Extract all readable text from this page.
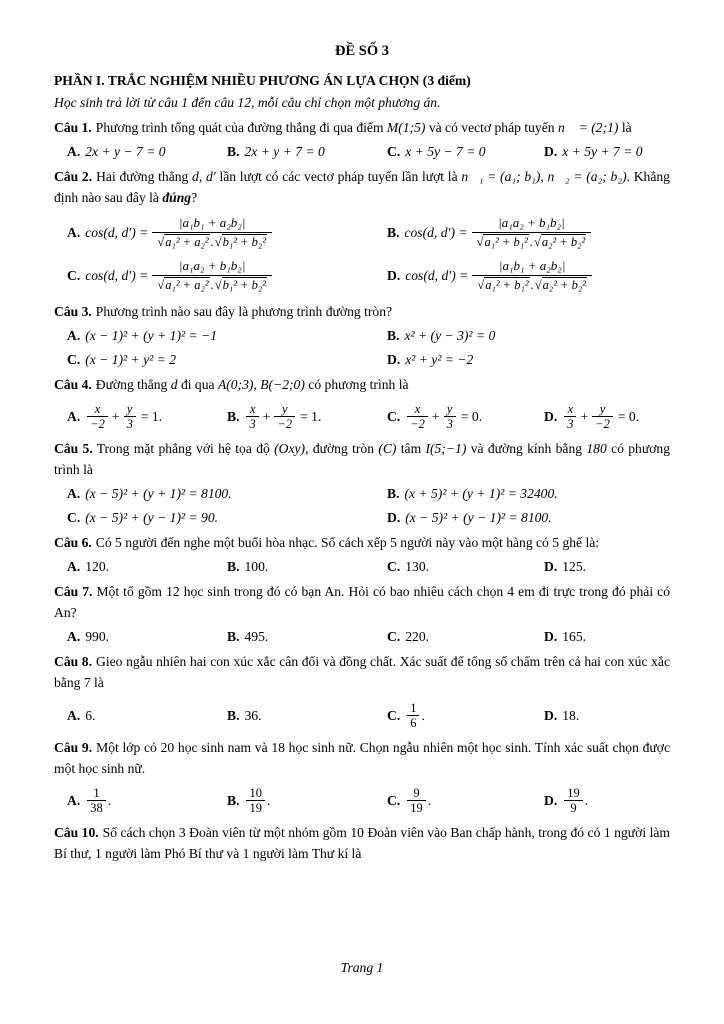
ĐỀ SỐ 3
PHẦN I. TRẮC NGHIỆM NHIỀU PHƯƠNG ÁN LỰA CHỌN (3 điểm)
Học sinh trả lời từ câu 1 đến câu 12, mỗi câu chỉ chọn một phương án.

Câu 1. Phương trình tổng quát của đường thẳng đi qua điểm M(1;5) và có vectơ pháp tuyến n⃗ = (2;1) là

A. 2x + y − 7 = 0	B. 2x + y + 7 = 0	C. x + 5y − 7 = 0	D. x + 5y + 7 = 0

Câu 2. Hai đường thẳng d, d′ lần lượt có các vectơ pháp tuyến lần lượt là n⃗₁ = (a₁; b₁), n⃗₂ = (a₂; b₂). Khẳng định nào sau đây là đúng?

A. cos(d, d′) = |a₁b₁ + a₂b₂|
√ a₁² + a₂² . √ b₁² + b₂²	B. cos(d, d′) = |a₁a₂ + b₁b₂|
√ a₁² + b₁² . √ a₂² + b₂²
C. cos(d, d′) = |a₁a₂ + b₁b₂|
√ a₁² + a₂² . √ b₁² + b₂²	D. cos(d, d′) = |a₁b₁ + a₂b₂|
√ a₁² + b₁² . √ a₂² + b₂²

Câu 3. Phương trình nào sau đây là phương trình đường tròn?

A. (x − 1)² + (y + 1)² = −1	B. x² + (y − 3)² = 0
C. (x − 1)² + y² = 2	D. x² + y² = −2

Câu 4. Đường thẳng d đi qua A(0;3), B(−2;0) có phương trình là

A. $\frac{x}{-2} + \frac{y}{3} = 1$.	B. $\frac{x}{3} + \frac{y}{-2} = 1$.	C. $\frac{x}{-2} + \frac{y}{3} = 0$.	D. $\frac{x}{3} + \frac{y}{-2} = 0$.

Câu 5. Trong mặt phẳng với hệ tọa độ (Oxy), đường tròn (C) tâm I(5;−1) và đường kính bằng 180 có phương trình là

A. (x − 5)² + (y + 1)² = 8100.	B. (x + 5)² + (y + 1)² = 32400.
C. (x − 5)² + (y − 1)² = 90.	D. (x − 5)² + (y − 1)² = 8100.

Câu 6. Có 5 người đến nghe một buổi hòa nhạc. Số cách xếp 5 người này vào một hàng có 5 ghế là:

A. 120.	B. 100.	C. 130.	D. 125.

Câu 7. Một tổ gồm 12 học sinh trong đó có bạn An. Hỏi có bao nhiêu cách chọn 4 em đi trực trong đó phải có An?

A. 990.	B. 495.	C. 220.	D. 165.

Câu 8. Gieo ngẫu nhiên hai con xúc xắc cân đối và đồng chất. Xác suất để tổng số chấm trên cả hai con xúc xắc bằng 7 là

A. 6.	B. 36.	C. $\frac{1}{6}$ .	D. 18.

Câu 9. Một lớp có 20 học sinh nam và 18 học sinh nữ. Chọn ngẫu nhiên một học sinh. Tính xác suất chọn được một học sinh nữ.

A. $\frac{1}{38}$ .	B. $\frac{10}{19}$ .	C. $\frac{9}{19}$ .	D. $\frac{19}{9}$ .

Câu 10. Số cách chọn 3 Đoàn viên từ một nhóm gồm 10 Đoàn viên vào Ban chấp hành, trong đó có 1 người làm Bí thư, 1 người làm Phó Bí thư và 1 người làm Thư kí là

Trang 1
